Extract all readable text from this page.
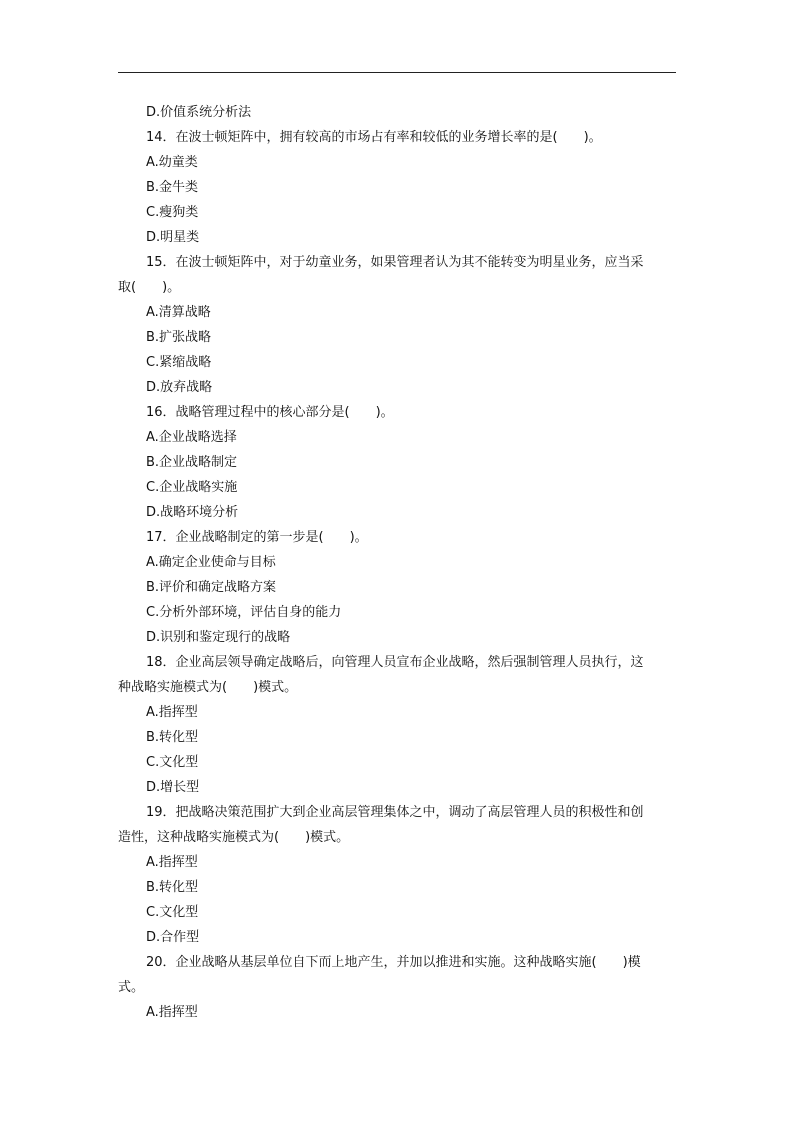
D.价值系统分析法
14．在波士顿矩阵中，拥有较高的市场占有率和较低的业务增长率的是(　　)。
A.幼童类
B.金牛类
C.瘦狗类
D.明星类
15．在波士顿矩阵中，对于幼童业务，如果管理者认为其不能转变为明星业务，应当采
取(　　)。
A.清算战略
B.扩张战略
C.紧缩战略
D.放弃战略
16．战略管理过程中的核心部分是(　　)。
A.企业战略选择
B.企业战略制定
C.企业战略实施
D.战略环境分析
17．企业战略制定的第一步是(　　)。
A.确定企业使命与目标
B.评价和确定战略方案
C.分析外部环境，评估自身的能力
D.识别和鉴定现行的战略
18．企业高层领导确定战略后，向管理人员宣布企业战略，然后强制管理人员执行，这
种战略实施模式为(　　)模式。
A.指挥型
B.转化型
C.文化型
D.增长型
19．把战略决策范围扩大到企业高层管理集体之中，调动了高层管理人员的积极性和创
造性，这种战略实施模式为(　　)模式。
A.指挥型
B.转化型
C.文化型
D.合作型
20．企业战略从基层单位自下而上地产生，并加以推进和实施。这种战略实施(　　)模
式。
A.指挥型
